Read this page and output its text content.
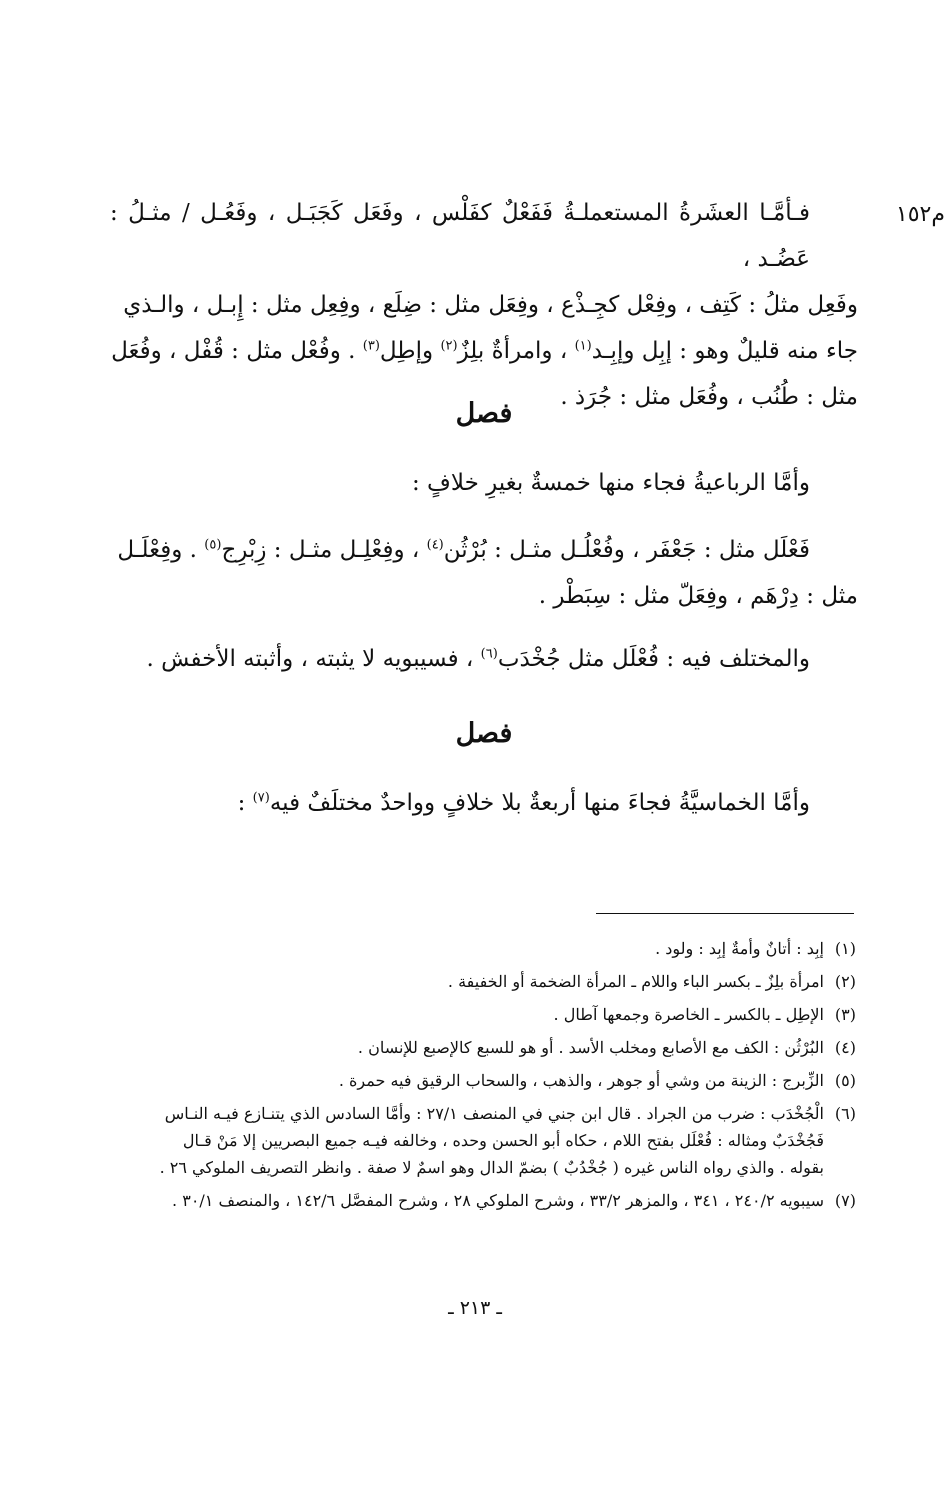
م١٥٢
فـأمَّـا العشَرةُ المستعملـةُ فَفَعْلٌ كفَلْس ، وفَعَل كَجَبَـل ، وفَعُـل / مثـلُ : عَضُـد ،
وفَعِل مثلُ : كَتِف ، وفِعْل كجِـذْع ، وفِعَل مثل : ضِلَع ، وفِعِل مثل : إِبـل ، والـذي
جاء منه قليلٌ وهو : إبِل وإبِـد$^{(١)}$ ، وامرأةٌ بلِزٌ$^{(٢)}$ وإطِل$^{(٣)}$ . وفُعْل مثل : قُفْل ، وفُعَل
مثل : طُنُب ، وفُعَل مثل : جُرَذ .
فصل
وأمَّا الرباعيةُ فجاء منها خمسةٌ بغيرِ خلافٍ :
فَعْلَل مثل : جَعْفَر ، وفُعْلُـل مثـل : بُرْثُن$^{(٤)}$ ، وفِعْلِـل مثـل : زِبْرِج$^{(٥)}$ . وفِعْلَـل
مثل : دِرْهَم ، وفِعَلّ مثل : سِبَطْر .
والمختلف فيه : فُعْلَل مثل جُخْدَب$^{(٦)}$ ، فسيبويه لا يثبته ، وأثبته الأخفش .
فصل
وأمَّا الخماسيَّةُ فجاءَ منها أربعةٌ بلا خلافٍ وواحدٌ مختلَفٌ فيه$^{(٧)}$ :
(١)
إبِد : أتانٌ وأمةٌ إبِد : ولود .
(٢)
امرأة بلِزٌ ـ بكسر الباء واللام ـ المرأة الضخمة أو الخفيفة .
(٣)
الإطِل ـ بالكسر ـ الخاصرة وجمعها آطال .
(٤)
البُرْثُن : الكف مع الأصابع ومخلب الأسد . أو هو للسبع كالإصبع للإنسان .
(٥)
الزِّبرج : الزينة من وشي أو جوهر ، والذهب ، والسحاب الرقيق فيه حمرة .
(٦)
الْجُخْدَب : ضرب من الجراد . قال ابن جني في المنصف ٢٧/١ : وأمَّا السادس الذي يتنـازع فيـه النـاس
فَجُخْدَبٌ ومثاله : فُعْلَل بفتح اللام ، حكاه أبو الحسن وحده ، وخالفه فيـه جميع البصريين إلا مَنْ قـال
بقوله . والذي رواه الناس غيره ( جُخْدُبٌ ) بضمّ الدال وهو اسمٌ لا صفة . وانظر التصريف الملوكي ٢٦ .
(٧)
سيبويه ٢٤٠/٢ ، ٣٤١ ، والمزهر ٣٣/٢ ، وشرح الملوكي ٢٨ ، وشرح المفصَّل ١٤٢/٦ ، والمنصف ٣٠/١ .
ـ ٢١٣ ـ
